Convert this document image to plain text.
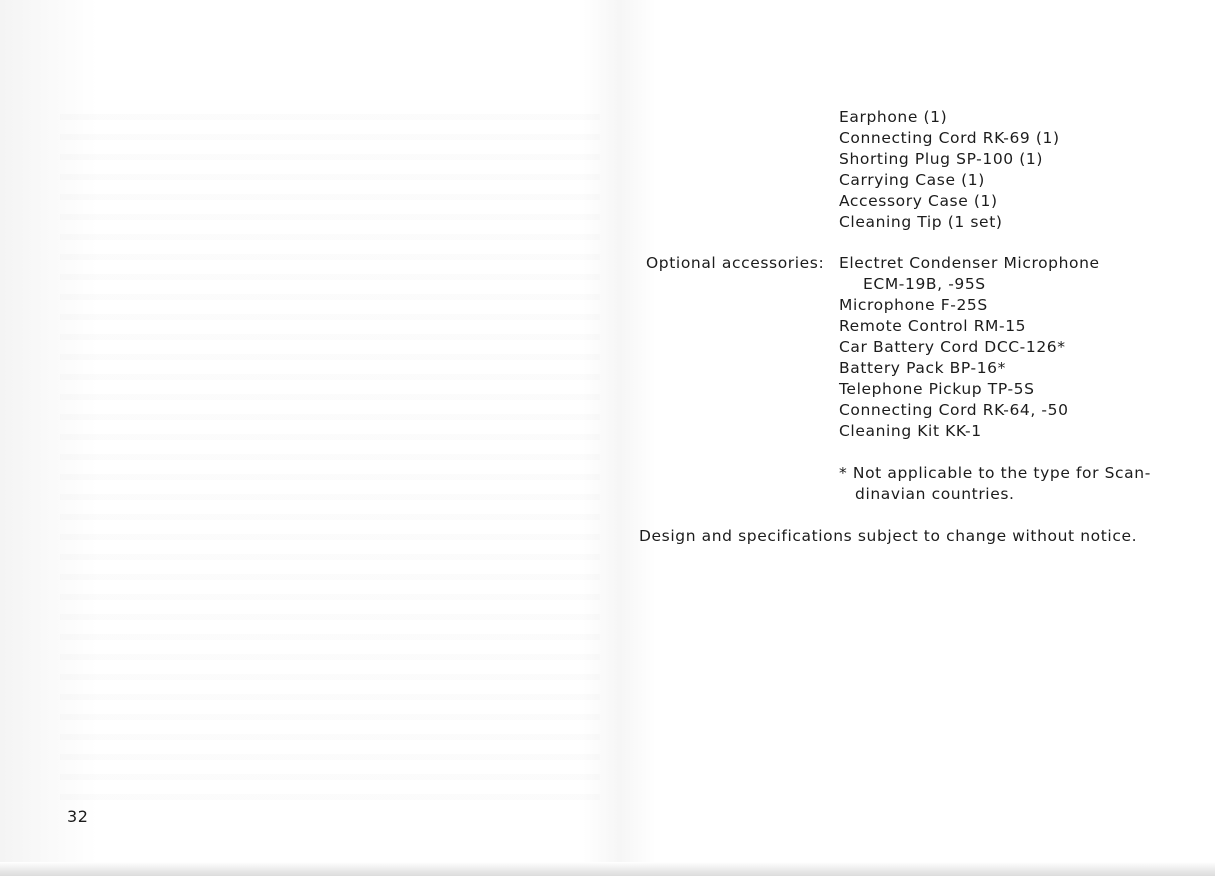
Earphone (1)
Connecting Cord RK-69 (1)
Shorting Plug SP-100 (1)
Carrying Case (1)
Accessory Case (1)
Cleaning Tip (1 set)
Optional accessories: Electret Condenser Microphone
ECM-19B, -95S
Microphone F-25S
Remote Control RM-15
Car Battery Cord DCC-126*
Battery Pack BP-16*
Telephone Pickup TP-5S
Connecting Cord RK-64, -50
Cleaning Kit KK-1
* Not applicable to the type for Scan-
dinavian countries.
Design and specifications subject to change without notice.
32
